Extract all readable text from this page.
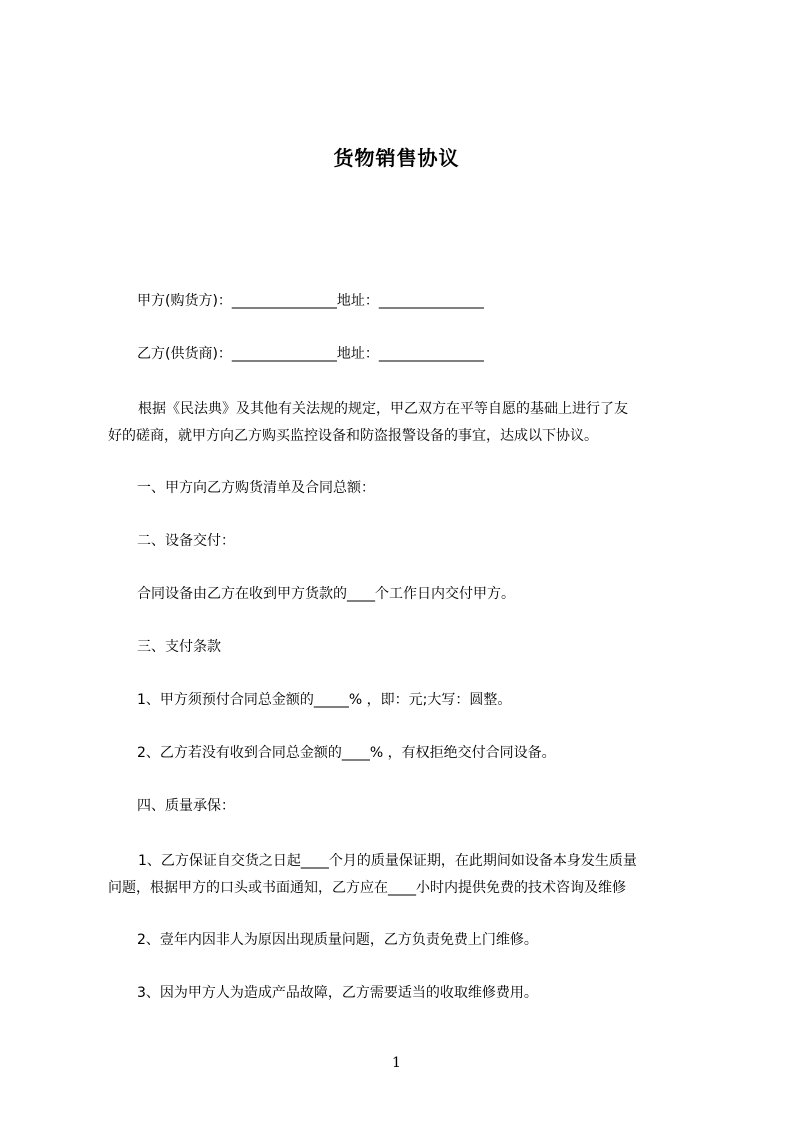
货物销售协议
甲方(购货方)：_______________地址：_______________
乙方(供货商)：_______________地址：_______________
根据《民法典》及其他有关法规的规定，甲乙双方在平等自愿的基础上进行了友
好的磋商，就甲方向乙方购买监控设备和防盗报警设备的事宜，达成以下协议。
一、甲方向乙方购货清单及合同总额：
二、设备交付：
合同设备由乙方在收到甲方货款的____个工作日内交付甲方。
三、支付条款
1、甲方须预付合同总金额的_____% ，即：元;大写：圆整。
2、乙方若没有收到合同总金额的____% ，有权拒绝交付合同设备。
四、质量承保：
1、乙方保证自交货之日起____个月的质量保证期，在此期间如设备本身发生质量
问题，根据甲方的口头或书面通知，乙方应在____小时内提供免费的技术咨询及维修
2、壹年内因非人为原因出现质量问题，乙方负责免费上门维修。
3、因为甲方人为造成产品故障，乙方需要适当的收取维修费用。
1
